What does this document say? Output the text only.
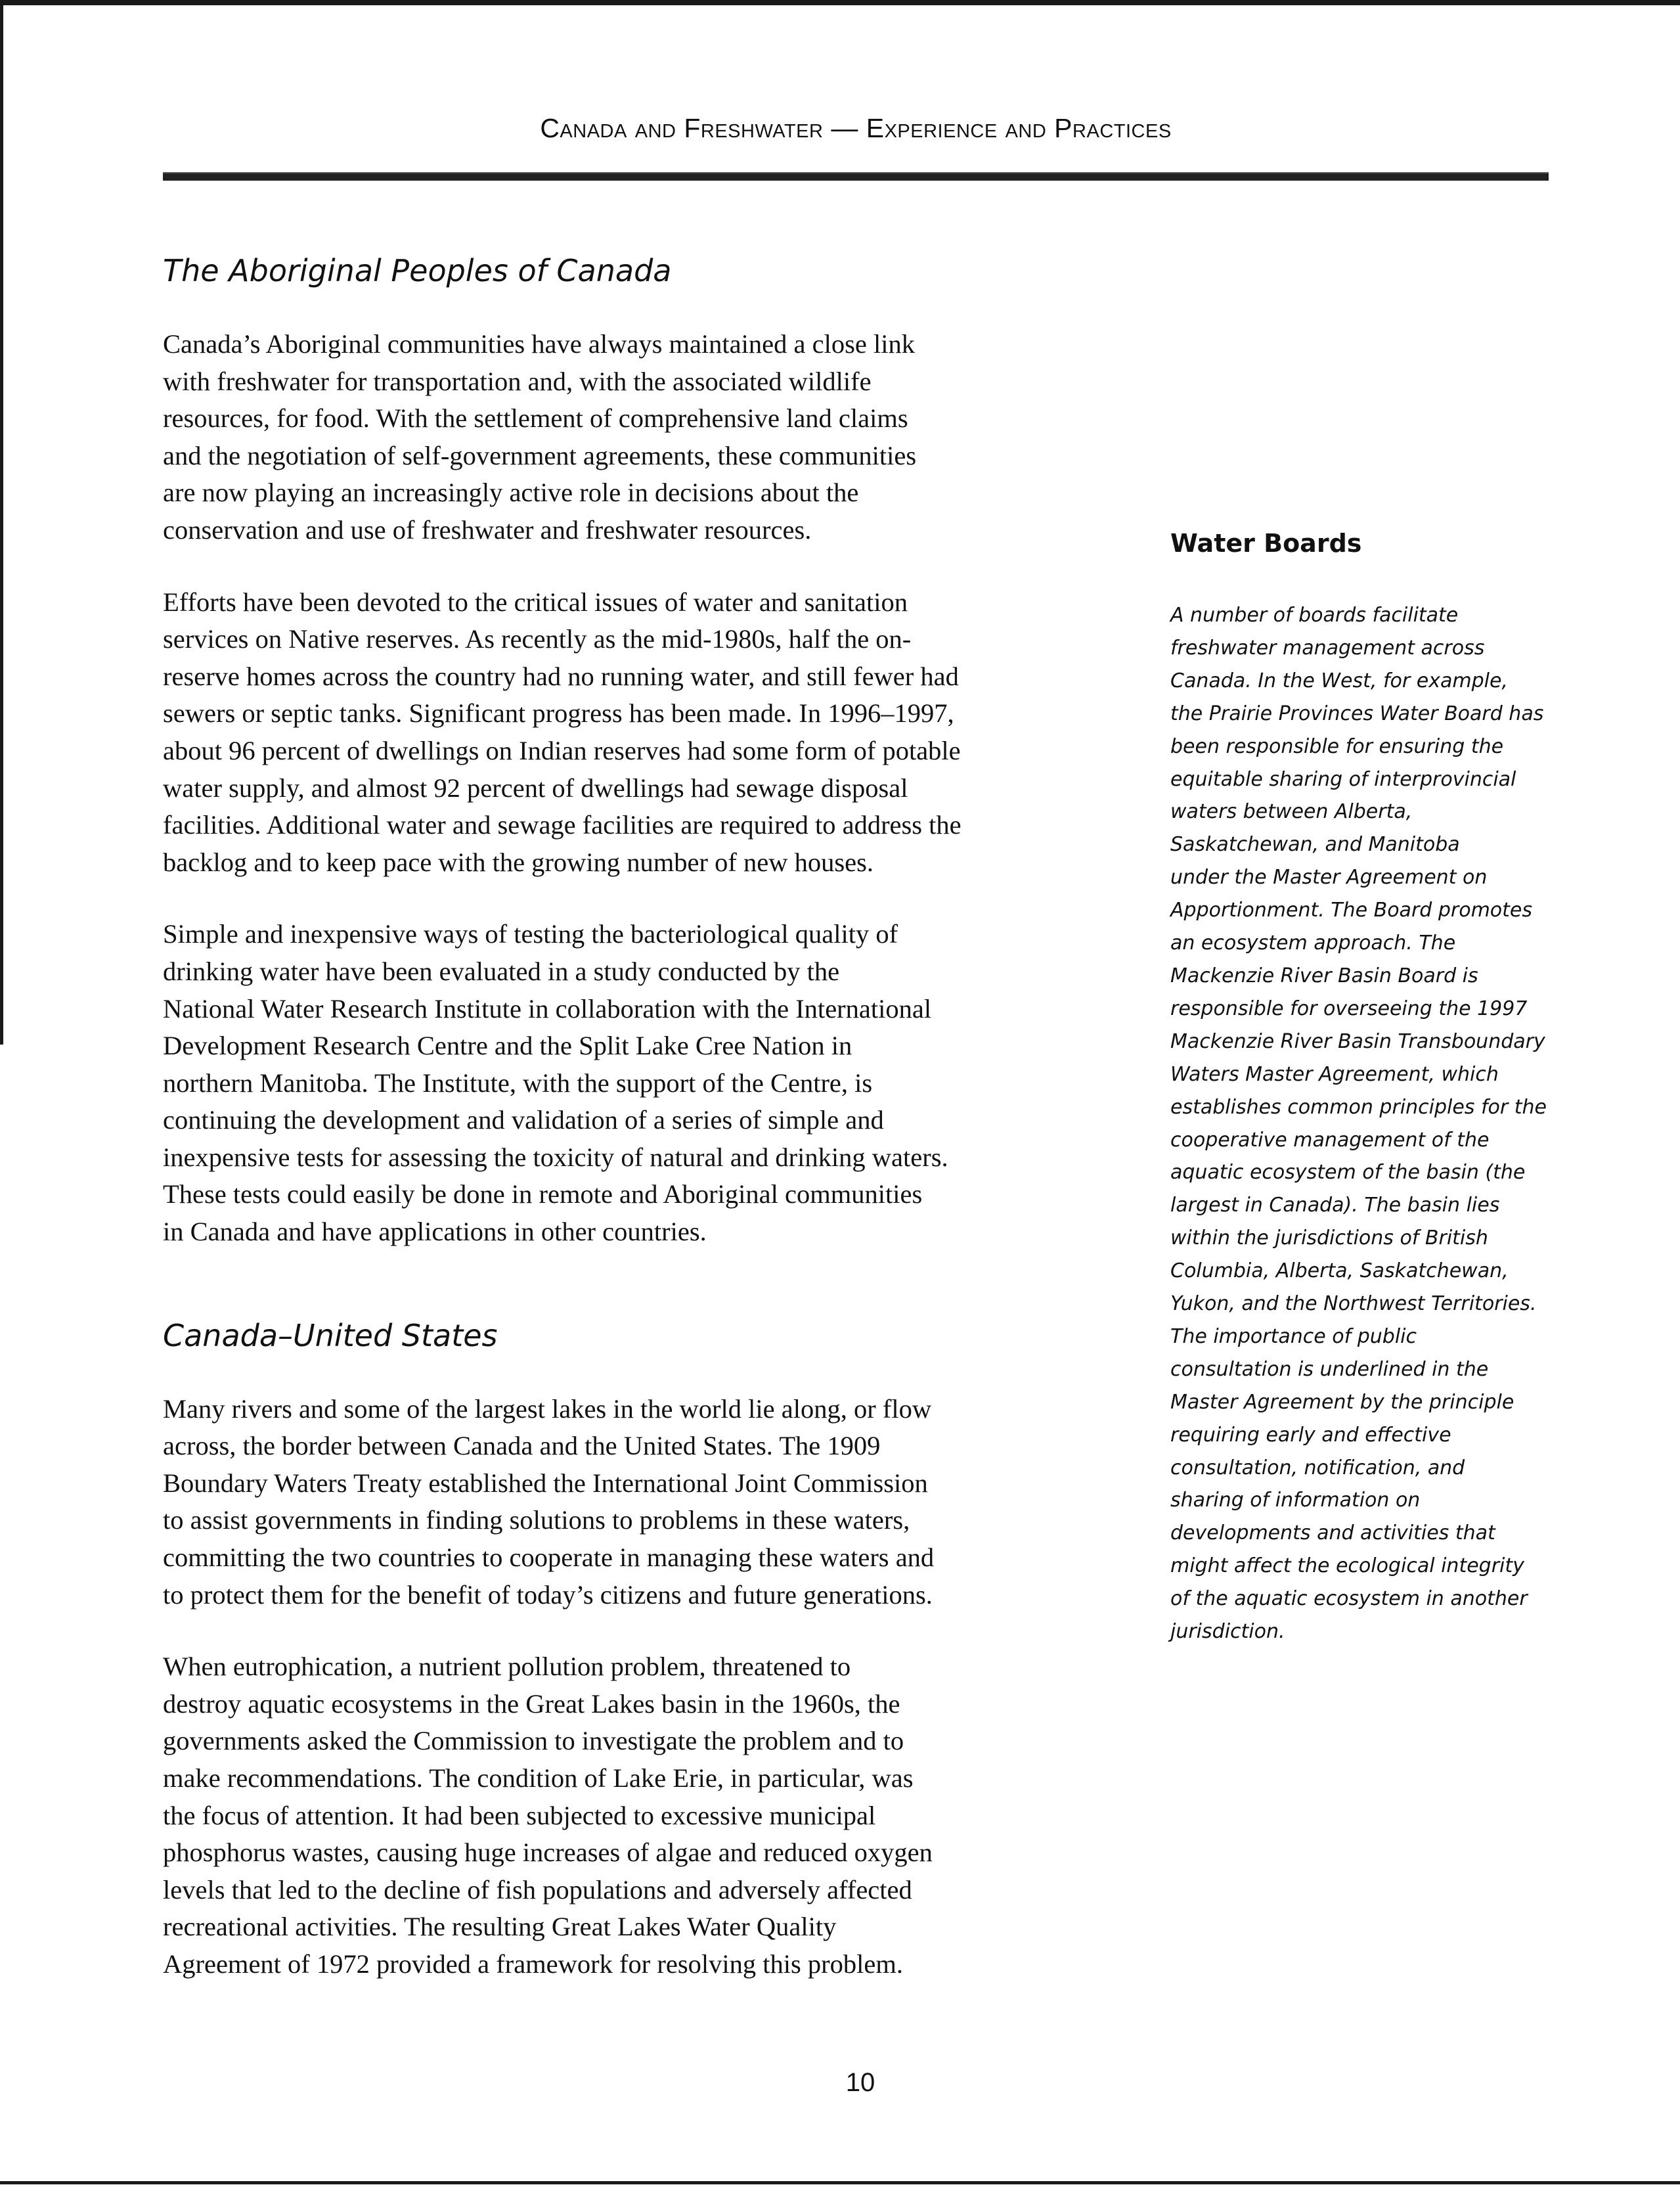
Canada and Freshwater — Experience and Practices
The Aboriginal Peoples of Canada

Canada’s Aboriginal communities have always maintained a close link
with freshwater for transportation and, with the associated wildlife
resources, for food. With the settlement of comprehensive land claims
and the negotiation of self-government agreements, these communities
are now playing an increasingly active role in decisions about the
conservation and use of freshwater and freshwater resources.

Efforts have been devoted to the critical issues of water and sanitation
services on Native reserves. As recently as the mid-1980s, half the on-
reserve homes across the country had no running water, and still fewer had
sewers or septic tanks. Significant progress has been made. In 1996–1997,
about 96 percent of dwellings on Indian reserves had some form of potable
water supply, and almost 92 percent of dwellings had sewage disposal
facilities. Additional water and sewage facilities are required to address the
backlog and to keep pace with the growing number of new houses.

Simple and inexpensive ways of testing the bacteriological quality of
drinking water have been evaluated in a study conducted by the
National Water Research Institute in collaboration with the International
Development Research Centre and the Split Lake Cree Nation in
northern Manitoba. The Institute, with the support of the Centre, is
continuing the development and validation of a series of simple and
inexpensive tests for assessing the toxicity of natural and drinking waters.
These tests could easily be done in remote and Aboriginal communities
in Canada and have applications in other countries.

Canada–United States

Many rivers and some of the largest lakes in the world lie along, or flow
across, the border between Canada and the United States. The 1909
Boundary Waters Treaty established the International Joint Commission
to assist governments in finding solutions to problems in these waters,
committing the two countries to cooperate in managing these waters and
to protect them for the benefit of today’s citizens and future generations.

When eutrophication, a nutrient pollution problem, threatened to
destroy aquatic ecosystems in the Great Lakes basin in the 1960s, the
governments asked the Commission to investigate the problem and to
make recommendations. The condition of Lake Erie, in particular, was
the focus of attention. It had been subjected to excessive municipal
phosphorus wastes, causing huge increases of algae and reduced oxygen
levels that led to the decline of fish populations and adversely affected
recreational activities. The resulting Great Lakes Water Quality
Agreement of 1972 provided a framework for resolving this problem.

Water Boards
A number of boards facilitate
freshwater management across
Canada. In the West, for example,
the Prairie Provinces Water Board has
been responsible for ensuring the
equitable sharing of interprovincial
waters between Alberta,
Saskatchewan, and Manitoba
under the Master Agreement on
Apportionment. The Board promotes
an ecosystem approach. The
Mackenzie River Basin Board is
responsible for overseeing the 1997
Mackenzie River Basin Transboundary
Waters Master Agreement, which
establishes common principles for the
cooperative management of the
aquatic ecosystem of the basin (the
largest in Canada). The basin lies
within the jurisdictions of British
Columbia, Alberta, Saskatchewan,
Yukon, and the Northwest Territories.
The importance of public
consultation is underlined in the
Master Agreement by the principle
requiring early and effective
consultation, notification, and
sharing of information on
developments and activities that
might affect the ecological integrity
of the aquatic ecosystem in another
jurisdiction.
10
